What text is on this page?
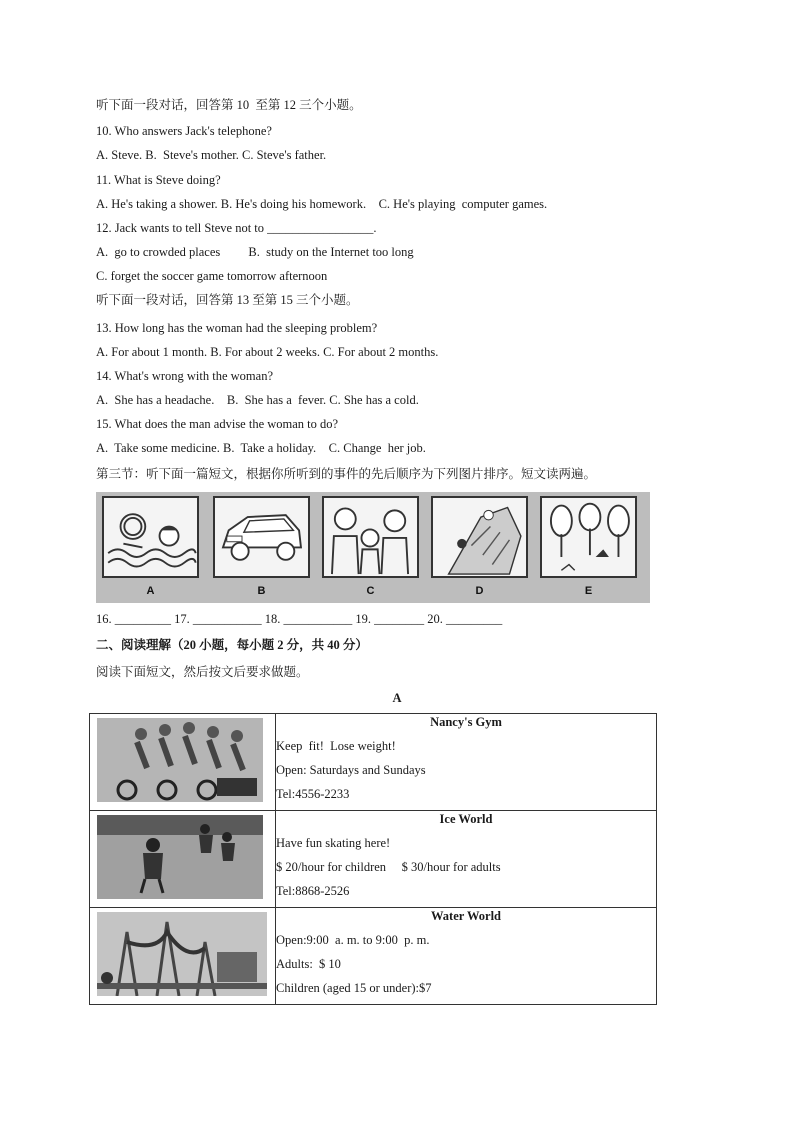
听下面一段对话，回答第 10  至第 12 三个小题。
10. Who answers Jack's telephone?
A. Steve. B.  Steve's mother. C. Steve's father.
11. What is Steve doing?
A. He's taking a shower. B. He's doing his homework.    C. He's playing  computer games.
12. Jack wants to tell Steve not to _________________.
A.  go to crowded places         B.  study on the Internet too long
C. forget the soccer game tomorrow afternoon
听下面一段对话，回答第 13 至第 15 三个小题。
13. How long has the woman had the sleeping problem?
A. For about 1 month. B. For about 2 weeks. C. For about 2 months.
14. What's wrong with the woman?
A.  She has a headache.    B.  She has a  fever. C. She has a cold.
15. What does the man advise the woman to do?
A.  Take some medicine. B.  Take a holiday.    C. Change  her job.
第三节：听下面一篇短文，根据你所听到的事件的先后顺序为下列图片排序。短文读两遍。
A	B	C	D	E
16. _________ 17. ___________ 18. ___________ 19. ________ 20. _________
二、阅读理解（20 小题，每小题 2 分，共 40 分）
阅读下面短文，然后按文后要求做题。
A

Nancy's Gym
Keep  fit!  Lose weight!
Open: Saturdays and Sundays
Tel:4556-2233

Ice World
Have fun skating here!
$ 20/hour for children     $ 30/hour for adults
Tel:8868-2526

Water World
Open:9:00  a. m. to 9:00  p. m.
Adults:  $ 10
Children (aged 15 or under):$7
